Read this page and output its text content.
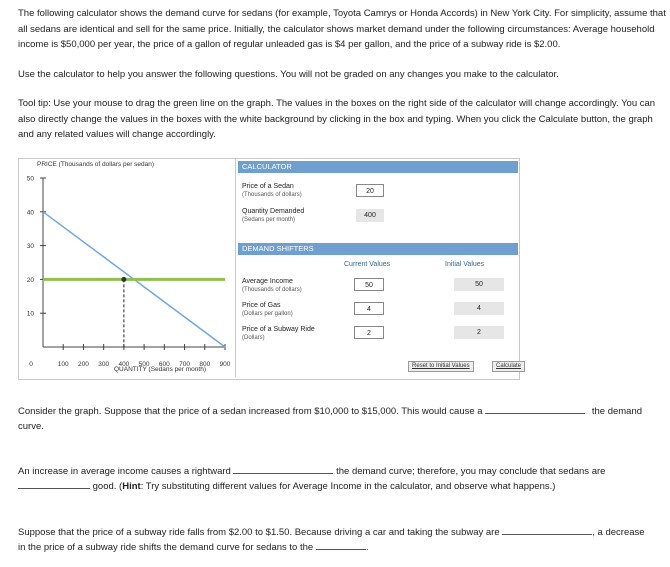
The following calculator shows the demand curve for sedans (for example, Toyota Camrys or Honda Accords) in New York City. For simplicity, assume that all sedans are identical and sell for the same price. Initially, the calculator shows market demand under the following circumstances: Average household income is $50,000 per year, the price of a gallon of regular unleaded gas is $4 per gallon, and the price of a subway ride is $2.00.
Use the calculator to help you answer the following questions. You will not be graded on any changes you make to the calculator.
Tool tip: Use your mouse to drag the green line on the graph. The values in the boxes on the right side of the calculator will change accordingly. You can also directly change the values in the boxes with the white background by clicking in the box and typing. When you click the Calculate button, the graph and any related values will change accordingly.
PRICE (Thousands of dollars per sedan)
50
40
30
20
10
0	100 200 300 400 500 600 700 800 900
QUANTITY (Sedans per month)
CALCULATOR
Price of a Sedan
(Thousands of dollars)	20
Quantity Demanded
(Sedans per month)
400
DEMAND SHIFTERS
Current Values	Initial Values
Average Income
(Thousands of dollars)
50	50
Price of Gas
(Dollars per gallon)
4	4
Price of a Subway Ride
(Dollars)
2	2
Reset to Initial Values	Calculate
Consider the graph. Suppose that the price of a sedan increased from $10,000 to $15,000. This would cause a	the demand
curve.
An increase in average income causes a rightward	the demand curve; therefore, you may conclude that sedans are
good. (Hint: Try substituting different values for Average Income in the calculator, and observe what happens.)
Suppose that the price of a subway ride falls from $2.00 to $1.50. Because driving a car and taking the subway are	, a decrease
in the price of a subway ride shifts the demand curve for sedans to the	.
